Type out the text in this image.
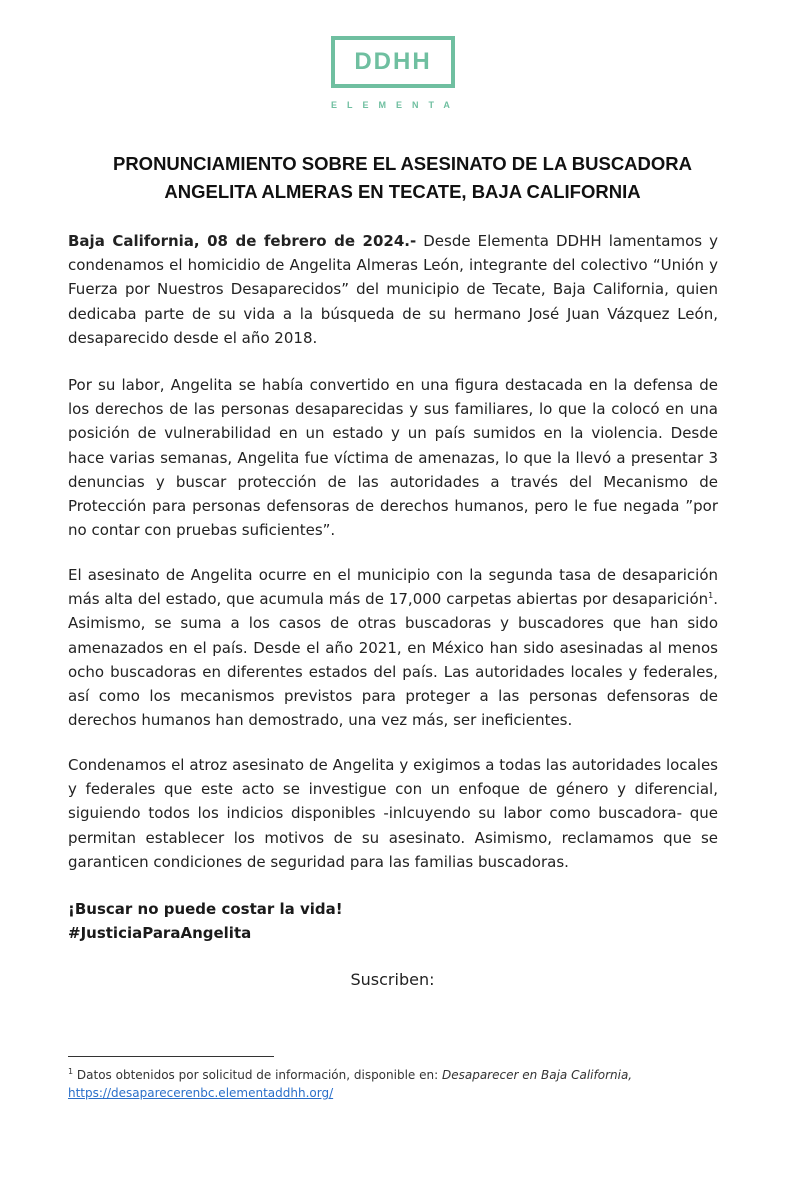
DDHH
ELEMENTA
PRONUNCIAMIENTO SOBRE EL ASESINATO DE LA BUSCADORA
ANGELITA ALMERAS EN TECATE, BAJA CALIFORNIA

Baja California, 08 de febrero de 2024.- Desde Elementa DDHH lamentamos y condenamos el homicidio de Angelita Almeras León, integrante del colectivo “Unión y Fuerza por Nuestros Desaparecidos” del municipio de Tecate, Baja California, quien dedicaba parte de su vida a la búsqueda de su hermano José Juan Vázquez León, desaparecido desde el año 2018.

Por su labor, Angelita se había convertido en una figura destacada en la defensa de los derechos de las personas desaparecidas y sus familiares, lo que la colocó en una posición de vulnerabilidad en un estado y un país sumidos en la violencia. Desde hace varias semanas, Angelita fue víctima de amenazas, lo que la llevó a presentar 3 denuncias y buscar protección de las autoridades a través del Mecanismo de Protección para personas defensoras de derechos humanos, pero le fue negada ”por no contar con pruebas suficientes”.

El asesinato de Angelita ocurre en el municipio con la segunda tasa de desaparición más alta del estado, que acumula más de 17,000 carpetas abiertas por desaparición$^1$. Asimismo, se suma a los casos de otras buscadoras y buscadores que han sido amenazados en el país. Desde el año 2021, en México han sido asesinadas al menos ocho buscadoras en diferentes estados del país. Las autoridades locales y federales, así como los mecanismos previstos para proteger a las personas defensoras de derechos humanos han demostrado, una vez más, ser ineficientes.

Condenamos el atroz asesinato de Angelita y exigimos a todas las autoridades locales y federales que este acto se investigue con un enfoque de género y diferencial, siguiendo todos los indicios disponibles -inlcuyendo su labor como buscadora- que permitan establecer los motivos de su asesinato. Asimismo, reclamamos que se garanticen condiciones de seguridad para las familias buscadoras.

¡Buscar no puede costar la vida!
#JusticiaParaAngelita
Suscriben:
$^1$ Datos obtenidos por solicitud de información, disponible en: Desaparecer en Baja California,
https://desaparecerenbc.elementaddhh.org/
